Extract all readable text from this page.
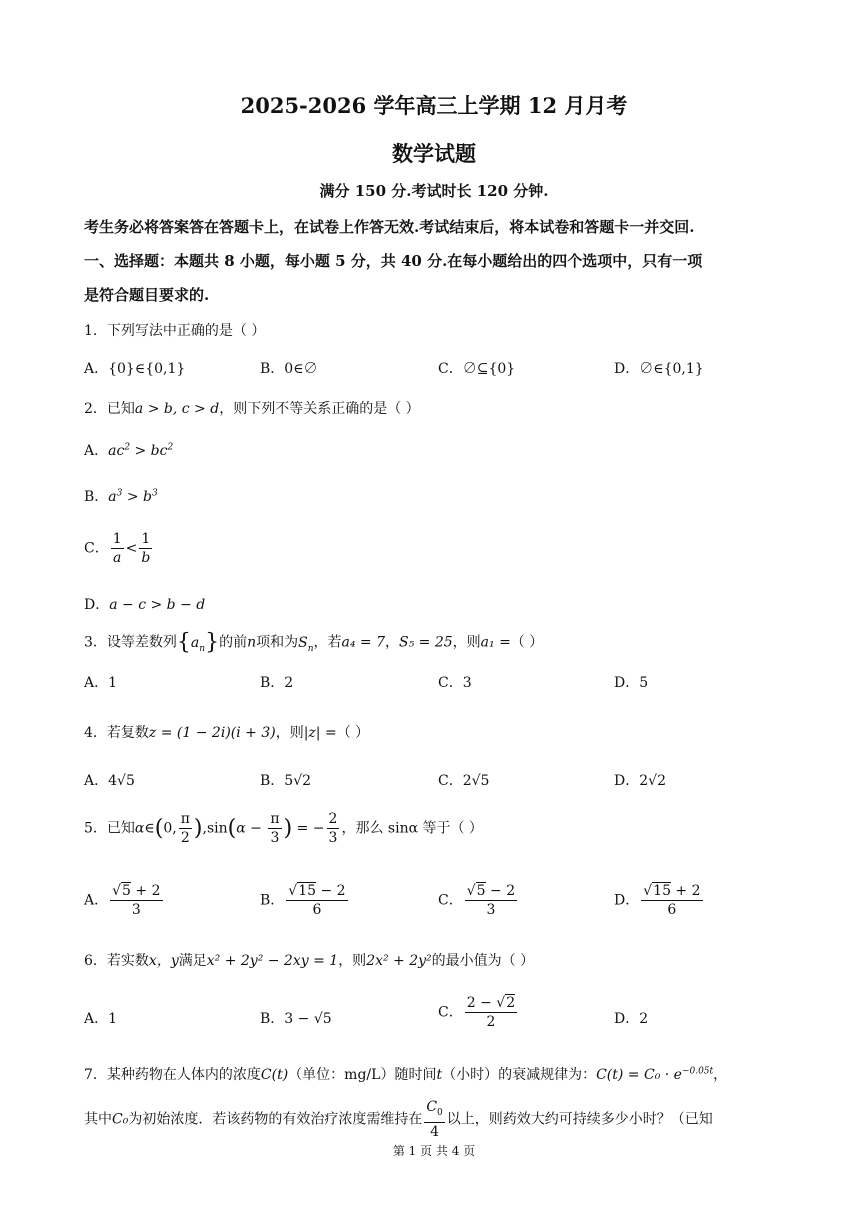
2025-2026 学年高三上学期 12 月月考
数学试题
满分 150 分.考试时长 120 分钟.
考生务必将答案答在答题卡上，在试卷上作答无效.考试结束后，将本试卷和答题卡一并交回.
一、选择题：本题共 8 小题，每小题 5 分，共 40 分.在每小题给出的四个选项中，只有一项
是符合题目要求的.
1．下列写法中正确的是（ ）
A．{0}∈{0,1}	B．0∈∅	C．∅⊆{0}	D．∅∈{0,1}
2．已知a > b, c > d，则下列不等关系正确的是（ ）
A．$ac^2 > bc^2$
B．$a^3 > b^3$
C． $\frac{1}{a} < \frac{1}{b}$
D．a − c > b − d
3．设等差数列$\{a_n\}$的前n项和为$S_n$，若a₄ = 7，S₅ = 25，则a₁ =（ ）
A．1	B．2	C．3	D．5
4．若复数z = (1 − 2i)(i + 3)，则|z| =（ ）
A．4√5	B．5√2	C．2√5	D．2√2
5．已知α∈(0, $\frac{\pi}{2} ),\sin(\alpha - \frac{\pi}{3}$ ) = − $\frac{2}{3}$ ，那么 sinα 等于（ ）
A． $\frac{√5 + 2}{3}$	B． $\frac{√15 - 2}{6}$	C． $\frac{√5 - 2}{3}$	D． $\frac{√15 + 2}{6}$
6．若实数x，y满足x² + 2y² − 2xy = 1，则2x² + 2y²的最小值为（ ）
A．1	B．3 − √5	C． $\frac{2 - √2}{2}$	D．2
7．某种药物在人体内的浓度C(t)（单位：mg/L）随时间t（小时）的衰减规律为：$C(t) = C_0 \cdot e^{-0.05t}$，
其中C₀为初始浓度．若该药物的有效治疗浓度需维持在 $\frac{C_0}{4}$ 以上，则药效大约可持续多少小时？（已知
第 1 页 共 4 页
